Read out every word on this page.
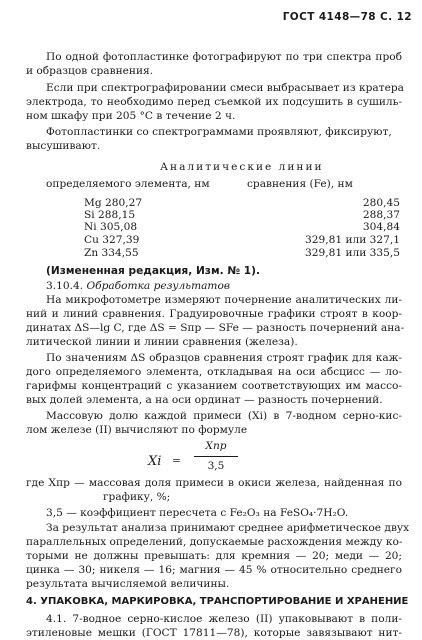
ГОСТ 4148—78 С. 12
По одной фотопластинке фотографируют по три спектра проб
и образцов сравнения.
Если при спектрографировании смеси выбрасывает из кратера
электрода, то необходимо перед съемкой их подсушить в сушиль-
ном шкафу при 205 °С в течение 2 ч.
Фотопластинки со спектрограммами проявляют, фиксируют,
высушивают.
Аналитические линии
определяемого элемента, нм	сравнения (Fe), нм
Mg 280,27	280,45
Si 288,15	288,37
Ni 305,08	304,84
Cu 327,39	329,81 или 327,1
Zn 334,55	329,81 или 335,5
(Измененная редакция, Изм. № 1).
3.10.4. Обработка результатов
На микрофотометре измеряют почернение аналитических ли-
ний и линий сравнения. Градуировочные графики строят в коор-
динатах ΔS—lg C, где ΔS = Sпр — SFe — разность почернений ана-
литической линии и линии сравнения (железа).
По значениям ΔS образцов сравнения строят график для каж-
дого определяемого элемента, откладывая на оси абсцисс — ло-
гарифмы концентраций с указанием соответствующих им массо-
вых долей элемента, а на оси ординат — разность почернений.
Массовую долю каждой примеси (Xi) в 7-водном серно-кис-
лом железе (II) вычисляют по формуле
Xi =
Xпр
3,5
где Xпр — массовая доля примеси в окиси железа, найденная по
графику, %;
3,5 — коэффициент пересчета с Fe₂O₃ на FeSO₄·7H₂O.
За результат анализа принимают среднее арифметическое двух
параллельных определений, допускаемые расхождения между ко-
торыми не должны превышать: для кремния — 20; меди — 20;
цинка — 30; никеля — 16; магния — 45 % относительно среднего
результата вычисляемой величины.
4. УПАКОВКА, МАРКИРОВКА, ТРАНСПОРТИРОВАНИЕ И ХРАНЕНИЕ
4.1. 7-водное серно-кислое железо (II) упаковывают в поли-
этиленовые мешки (ГОСТ 17811—78), которые завязывают нит-
